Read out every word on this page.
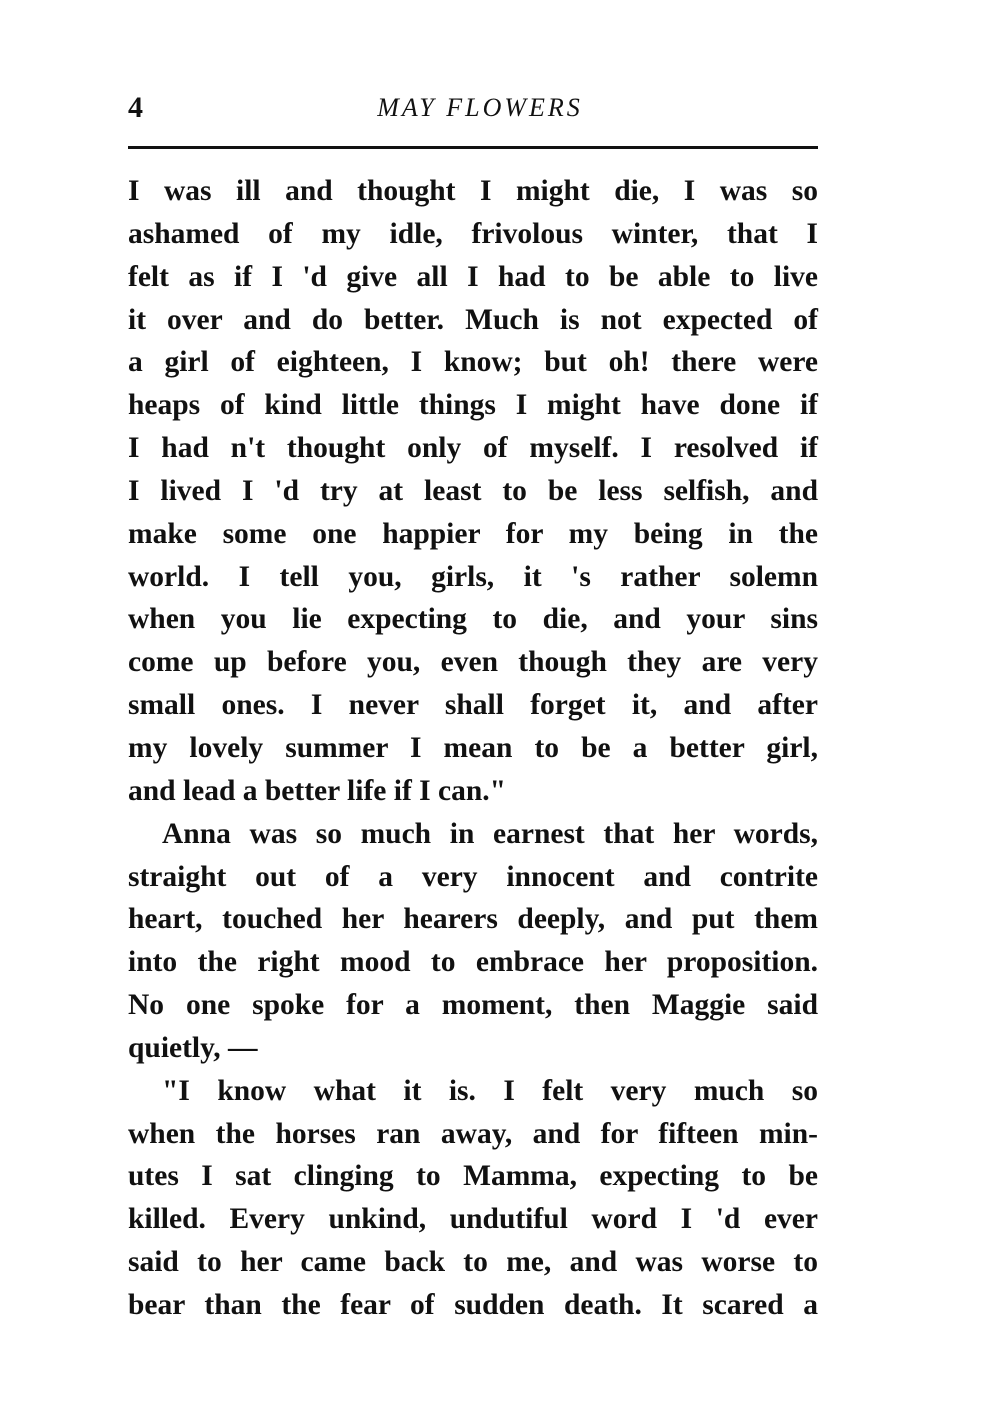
4	MAY FLOWERS
I was ill and thought I might die, I was so
ashamed of my idle, frivolous winter, that I
felt as if I 'd give all I had to be able to live
it over and do better. Much is not expected of
a girl of eighteen, I know; but oh! there were
heaps of kind little things I might have done if
I had n't thought only of myself. I resolved if
I lived I 'd try at least to be less selfish, and
make some one happier for my being in the
world. I tell you, girls, it 's rather solemn
when you lie expecting to die, and your sins
come up before you, even though they are very
small ones. I never shall forget it, and after
my lovely summer I mean to be a better girl,
and lead a better life if I can."
Anna was so much in earnest that her words,
straight out of a very innocent and contrite
heart, touched her hearers deeply, and put them
into the right mood to embrace her proposition.
No one spoke for a moment, then Maggie said
quietly, —
"I know what it is. I felt very much so
when the horses ran away, and for fifteen min-
utes I sat clinging to Mamma, expecting to be
killed. Every unkind, undutiful word I 'd ever
said to her came back to me, and was worse to
bear than the fear of sudden death. It scared a
